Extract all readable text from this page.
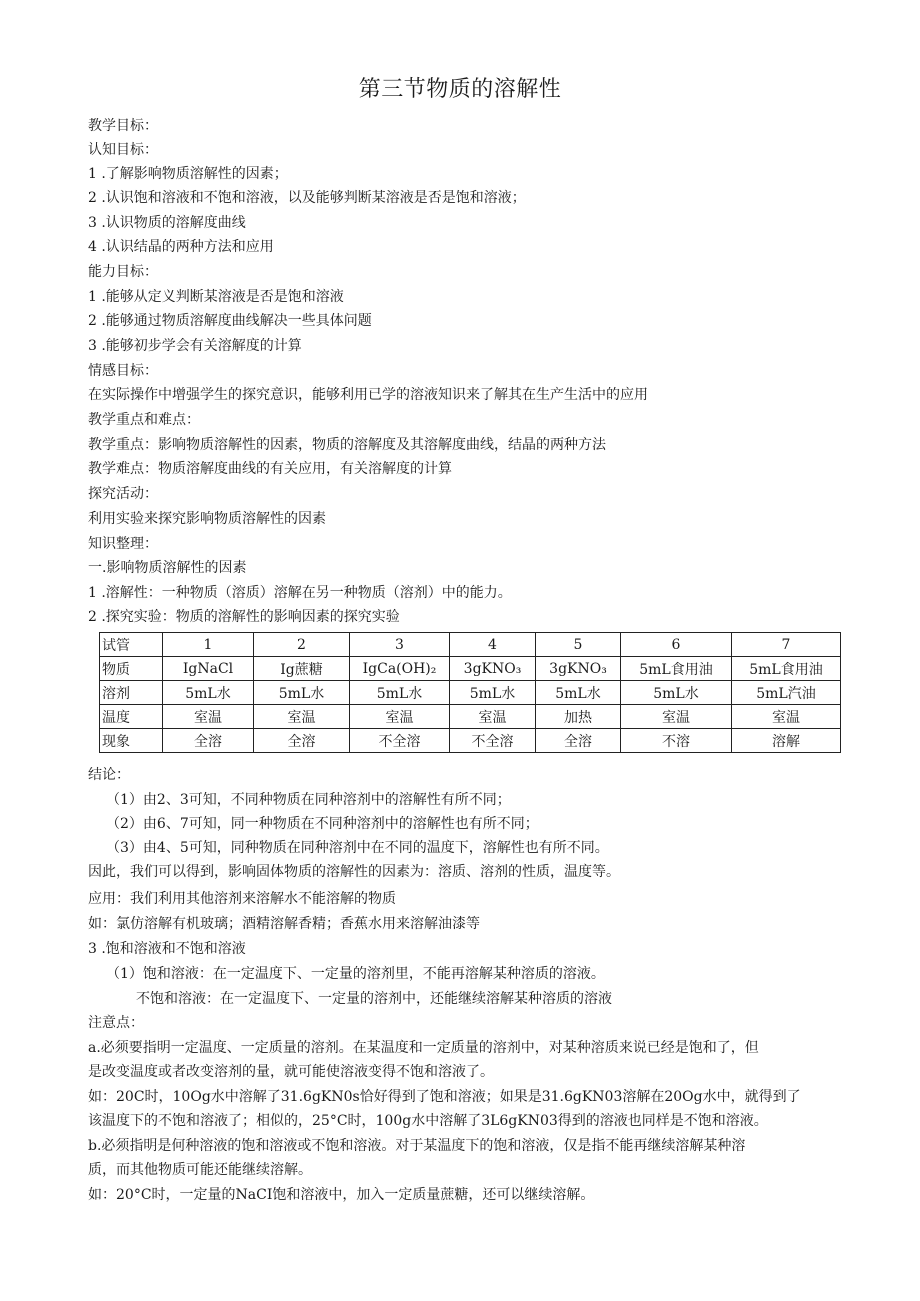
第三节物质的溶解性
教学目标：
认知目标：
1 .了解影响物质溶解性的因素；
2 .认识饱和溶液和不饱和溶液，以及能够判断某溶液是否是饱和溶液；
3 .认识物质的溶解度曲线
4 .认识结晶的两种方法和应用
能力目标：
1 .能够从定义判断某溶液是否是饱和溶液
2 .能够通过物质溶解度曲线解决一些具体问题
3 .能够初步学会有关溶解度的计算
情感目标：
在实际操作中增强学生的探究意识，能够利用已学的溶液知识来了解其在生产生活中的应用
教学重点和难点：
教学重点：影响物质溶解性的因素，物质的溶解度及其溶解度曲线，结晶的两种方法
教学难点：物质溶解度曲线的有关应用，有关溶解度的计算
探究活动：
利用实验来探究影响物质溶解性的因素
知识整理：
一.影响物质溶解性的因素
1 .溶解性：一种物质（溶质）溶解在另一种物质（溶剂）中的能力。
2 .探究实验：物质的溶解性的影响因素的探究实验
试管	1	2	3	4	5	6	7
物质	IgNaCl	Ig蔗糖	IgCa(OH)₂	3gKNO₃	3gKNO₃	5mL食用油	5mL食用油
溶剂	5mL水	5mL水	5mL水	5mL水	5mL水	5mL水	5mL汽油
温度	室温	室温	室温	室温	加热	室温	室温
现象	全溶	全溶	不全溶	不全溶	全溶	不溶	溶解
结论：
（1）由2、3可知，不同种物质在同种溶剂中的溶解性有所不同；
（2）由6、7可知，同一种物质在不同种溶剂中的溶解性也有所不同；
（3）由4、5可知，同种物质在同种溶剂中在不同的温度下，溶解性也有所不同。
因此，我们可以得到，影响固体物质的溶解性的因素为：溶质、溶剂的性质，温度等。
应用：我们利用其他溶剂来溶解水不能溶解的物质
如：氯仿溶解有机玻璃；酒精溶解香精；香蕉水用来溶解油漆等
3 .饱和溶液和不饱和溶液
（1）饱和溶液：在一定温度下、一定量的溶剂里，不能再溶解某种溶质的溶液。
不饱和溶液：在一定温度下、一定量的溶剂中，还能继续溶解某种溶质的溶液
注意点：
a.必须要指明一定温度、一定质量的溶剂。在某温度和一定质量的溶剂中，对某种溶质来说已经是饱和了，但
是改变温度或者改变溶剂的量，就可能使溶液变得不饱和溶液了。
如：20C时，10Og水中溶解了31.6gKN0s恰好得到了饱和溶液；如果是31.6gKN03溶解在20Og水中，就得到了
该温度下的不饱和溶液了；相似的，25°C时，100g水中溶解了3L6gKN03得到的溶液也同样是不饱和溶液。
b.必须指明是何种溶液的饱和溶液或不饱和溶液。对于某温度下的饱和溶液，仅是指不能再继续溶解某种溶
质，而其他物质可能还能继续溶解。
如：20°C时，一定量的NaCI饱和溶液中，加入一定质量蔗糖，还可以继续溶解。
